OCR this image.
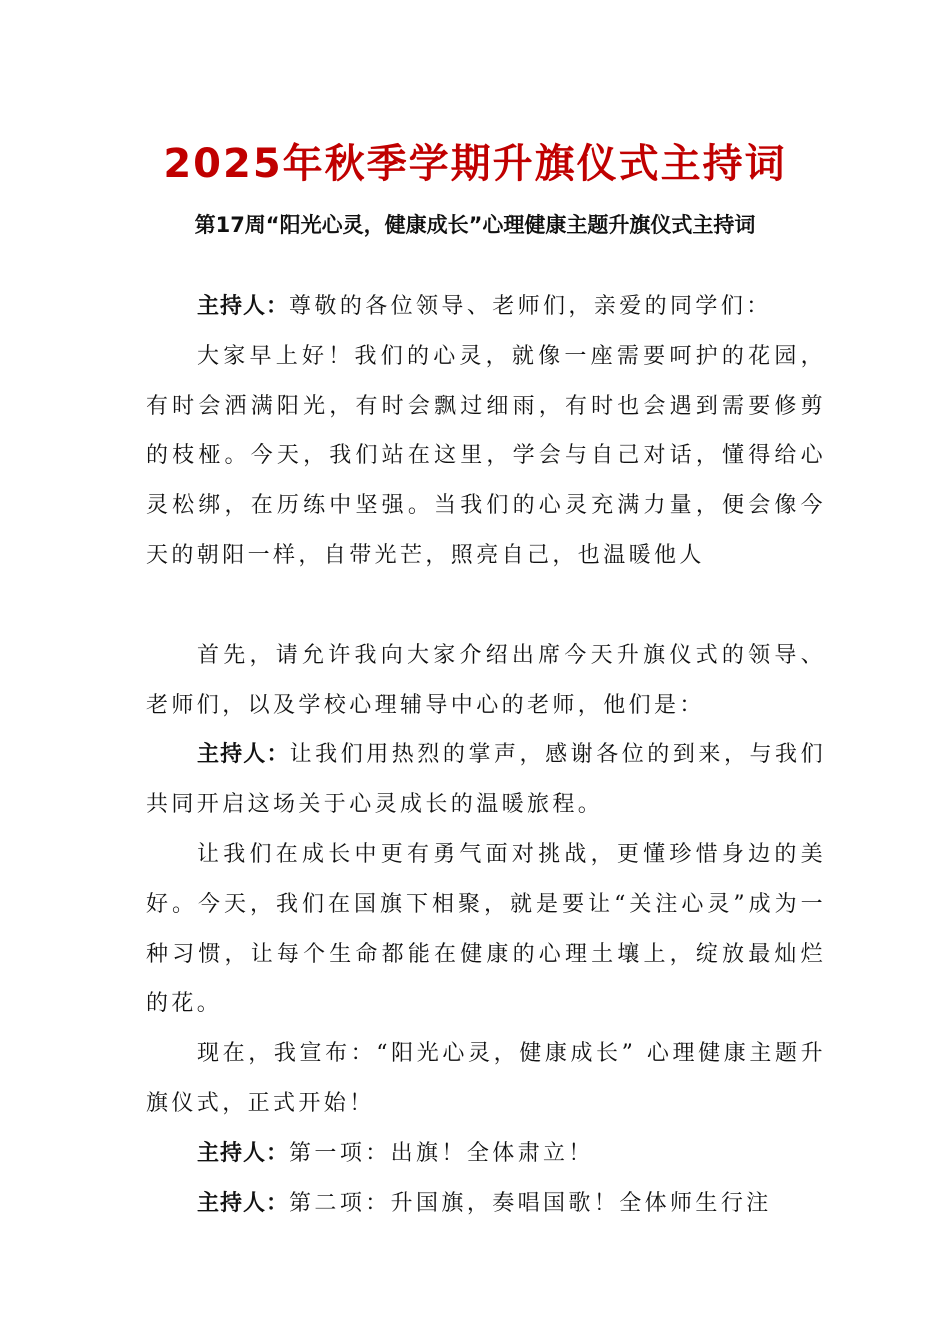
2025年秋季学期升旗仪式主持词
第17周“阳光心灵，健康成长”心理健康主题升旗仪式主持词

主持人：尊敬的各位领导、老师们，亲爱的同学们：

大家早上好！我们的心灵，就像一座需要呵护的花园，有时会洒满阳光，有时会飘过细雨，有时也会遇到需要修剪的枝桠。今天，我们站在这里，学会与自己对话，懂得给心灵松绑，在历练中坚强。当我们的心灵充满力量，便会像今天的朝阳一样，自带光芒，照亮自己，也温暖他人

首先，请允许我向大家介绍出席今天升旗仪式的领导、老师们，以及学校心理辅导中心的老师，他们是：

主持人：让我们用热烈的掌声，感谢各位的到来，与我们共同开启这场关于心灵成长的温暖旅程。

让我们在成长中更有勇气面对挑战，更懂珍惜身边的美好。今天，我们在国旗下相聚，就是要让“关注心灵”成为一种习惯，让每个生命都能在健康的心理土壤上，绽放最灿烂的花。

现在，我宣布：“阳光心灵，健康成长” 心理健康主题升旗仪式，正式开始！

主持人：第一项：出旗！全体肃立！

主持人：第二项：升国旗，奏唱国歌！全体师生行注
